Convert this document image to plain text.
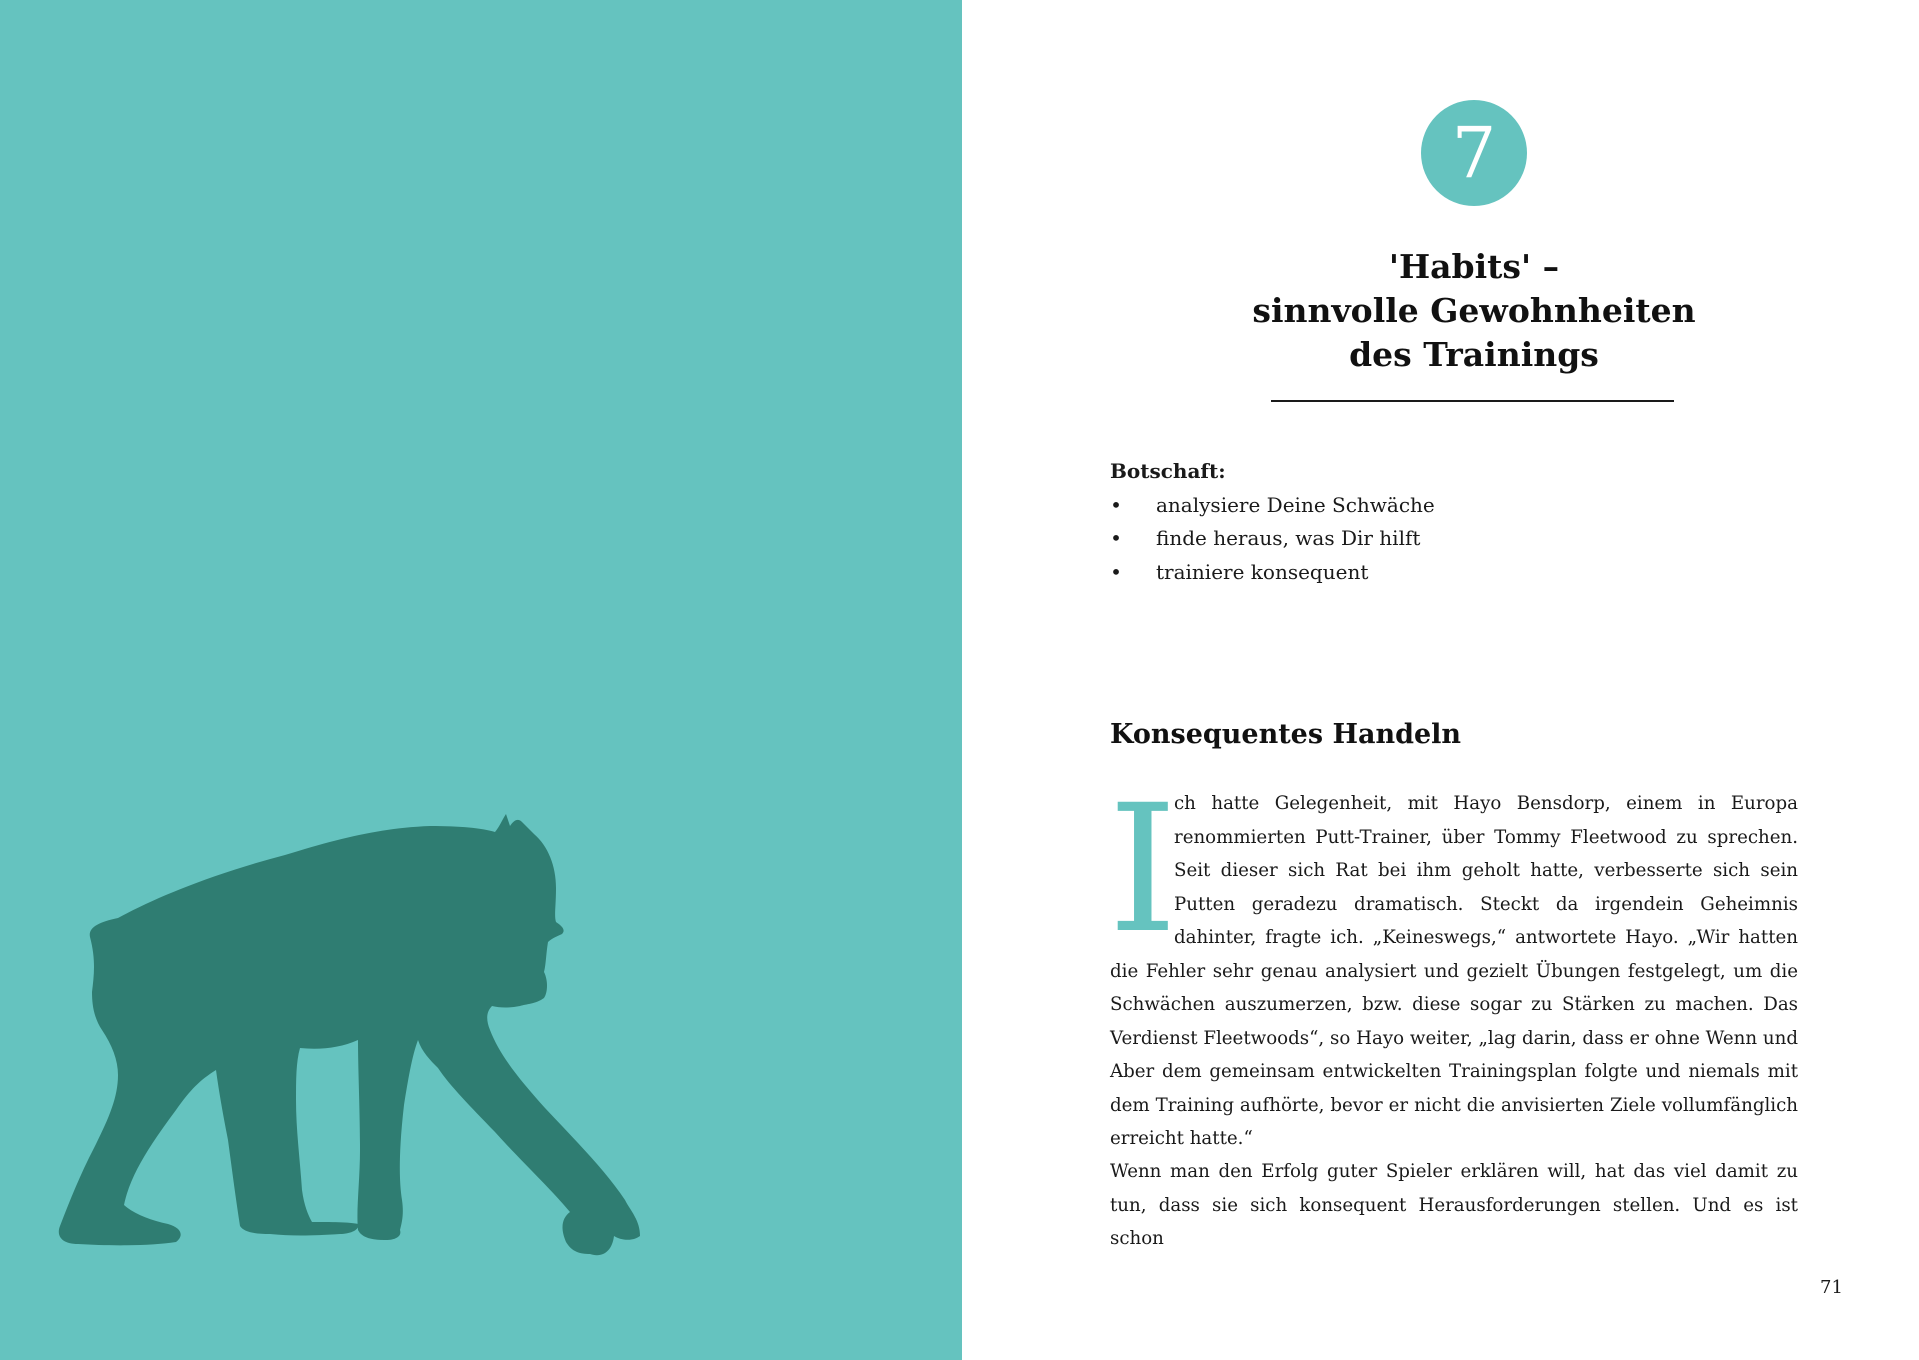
7
'Habits' –
sinnvolle Gewohnheiten
des Trainings
Botschaft:
• analysiere Deine Schwäche
• finde heraus, was Dir hilft
• trainiere konsequent
Konsequentes Handeln
I

ch hatte Gelegenheit, mit Hayo Bensdorp, einem in Europa renommierten Putt-Trainer, über Tommy Fleetwood zu sprechen. Seit dieser sich Rat bei ihm geholt hatte, verbesserte sich sein Putten geradezu dramatisch. Steckt da irgendein Geheimnis dahinter, fragte ich. „Keineswegs,“ antwortete Hayo. „Wir hatten die Fehler sehr genau analysiert und gezielt Übungen festgelegt, um die Schwächen auszumerzen, bzw. diese sogar zu Stärken zu machen. Das Verdienst Fleetwoods“, so Hayo weiter, „lag darin, dass er ohne Wenn und Aber dem gemeinsam entwickelten Trainingsplan folgte und niemals mit dem Training aufhörte, bevor er nicht die anvisierten Ziele vollumfänglich erreicht hatte.“

Wenn man den Erfolg guter Spieler erklären will, hat das viel damit zu tun, dass sie sich konsequent Herausforderungen stellen. Und es ist schon

71
